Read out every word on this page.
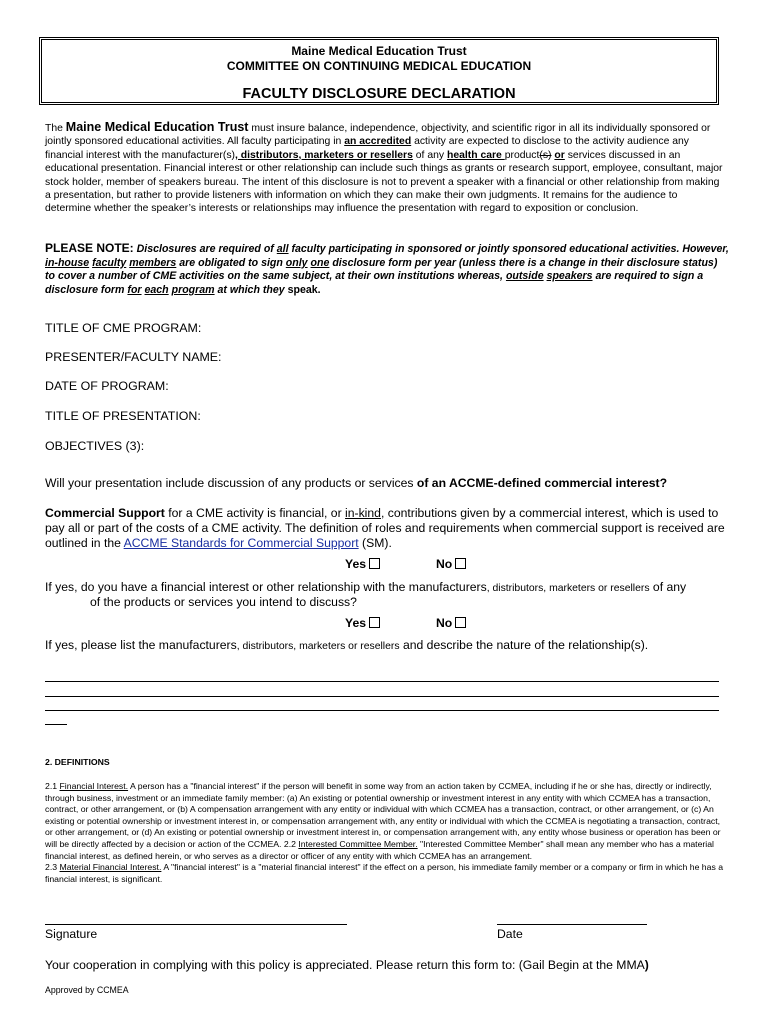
Maine Medical Education Trust
COMMITTEE ON CONTINUING MEDICAL EDUCATION
FACULTY DISCLOSURE DECLARATION
The Maine Medical Education Trust must insure balance, independence, objectivity, and scientific rigor in all its individually sponsored or jointly sponsored educational activities. All faculty participating in an accredited activity are expected to disclose to the activity audience any financial interest with the manufacturer(s), distributors, marketers or resellers of any health care product(s) or services discussed in an educational presentation. Financial interest or other relationship can include such things as grants or research support, employee, consultant, major stock holder, member of speakers bureau. The intent of this disclosure is not to prevent a speaker with a financial or other relationship from making a presentation, but rather to provide listeners with information on which they can make their own judgments. It remains for the audience to determine whether the speaker’s interests or relationships may influence the presentation with regard to exposition or conclusion.
PLEASE NOTE: Disclosures are required of all faculty participating in sponsored or jointly sponsored educational activities. However, in-house faculty members are obligated to sign only one disclosure form per year (unless there is a change in their disclosure status) to cover a number of CME activities on the same subject, at their own institutions whereas, outside speakers are required to sign a disclosure form for each program at which they speak.
TITLE OF CME PROGRAM:
PRESENTER/FACULTY NAME:
DATE OF PROGRAM:
TITLE OF PRESENTATION:
OBJECTIVES (3):
Will your presentation include discussion of any products or services of an ACCME-defined commercial interest?
Commercial Support for a CME activity is financial, or in-kind, contributions given by a commercial interest, which is used to pay all or part of the costs of a CME activity. The definition of roles and requirements when commercial support is received are outlined in the ACCME Standards for Commercial Support (SM).
Yes	No
If yes, do you have a financial interest or other relationship with the manufacturers, distributors, marketers or resellers of any
of the products or services you intend to discuss?
Yes	No
If yes, please list the manufacturers, distributors, marketers or resellers and describe the nature of the relationship(s).
2. DEFINITIONS
2.1 Financial Interest. A person has a "financial interest" if the person will benefit in some way from an action taken by CCMEA, including if he or she has, directly or indirectly, through business, investment or an immediate family member: (a) An existing or potential ownership or investment interest in any entity with which CCMEA has a transaction, contract, or other arrangement, or (b) A compensation arrangement with any entity or individual with which CCMEA has a transaction, contract, or other arrangement, or (c) An existing or potential ownership or investment interest in, or compensation arrangement with, any entity or individual with which the CCMEA is negotiating a transaction, contract, or other arrangement, or (d) An existing or potential ownership or investment interest in, or compensation arrangement with, any entity whose business or operation has been or will be directly affected by a decision or action of the CCMEA. 2.2 Interested Committee Member. "Interested Committee Member" shall mean any member who has a material financial interest, as defined herein, or who serves as a director or officer of any entity with which CCMEA has an arrangement.
2.3 Material Financial Interest. A "financial interest" is a "material financial interest" if the effect on a person, his immediate family member or a company or firm in which he has a financial interest, is significant.
Signature	Date
Your cooperation in complying with this policy is appreciated. Please return this form to: (Gail Begin at the MMA)
Approved by CCMEA
